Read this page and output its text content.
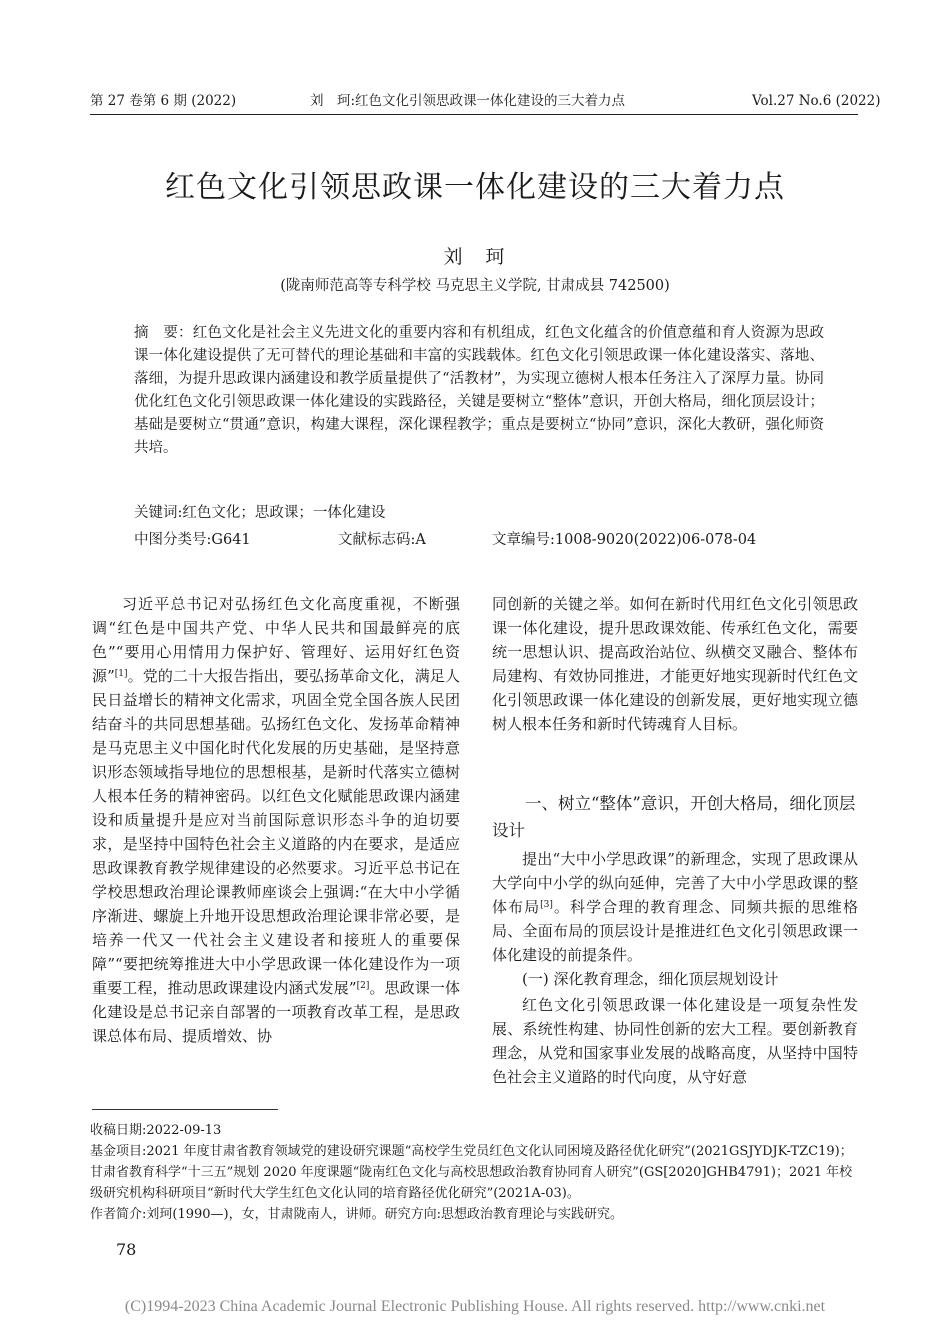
第 27 卷第 6 期 (2022)	刘　珂:红色文化引领思政课一体化建设的三大着力点	Vol.27 No.6 (2022)
红色文化引领思政课一体化建设的三大着力点
刘　珂
(陇南师范高等专科学校 马克思主义学院, 甘肃成县 742500)
摘　要：红色文化是社会主义先进文化的重要内容和有机组成，红色文化蕴含的价值意蕴和育人资源为思政课一体化建设提供了无可替代的理论基础和丰富的实践载体。红色文化引领思政课一体化建设落实、落地、落细，为提升思政课内涵建设和教学质量提供了“活教材”，为实现立德树人根本任务注入了深厚力量。协同优化红色文化引领思政课一体化建设的实践路径，关键是要树立“整体”意识，开创大格局，细化顶层设计；基础是要树立“贯通”意识，构建大课程，深化课程教学；重点是要树立“协同”意识，深化大教研，强化师资共培。
关键词:红色文化；思政课；一体化建设
中图分类号:G641	文献标志码:A	文章编号:1008-9020(2022)06-078-04

习近平总书记对弘扬红色文化高度重视，不断强调“红色是中国共产党、中华人民共和国最鲜亮的底色”“要用心用情用力保护好、管理好、运用好红色资源”[1]。党的二十大报告指出，要弘扬革命文化，满足人民日益增长的精神文化需求，巩固全党全国各族人民团结奋斗的共同思想基础。弘扬红色文化、发扬革命精神是马克思主义中国化时代化发展的历史基础，是坚持意识形态领域指导地位的思想根基，是新时代落实立德树人根本任务的精神密码。以红色文化赋能思政课内涵建设和质量提升是应对当前国际意识形态斗争的迫切要求，是坚持中国特色社会主义道路的内在要求，是适应思政课教育教学规律建设的必然要求。习近平总书记在学校思想政治理论课教师座谈会上强调:“在大中小学循序渐进、螺旋上升地开设思想政治理论课非常必要，是培养一代又一代社会主义建设者和接班人的重要保障”“要把统筹推进大中小学思政课一体化建设作为一项重要工程，推动思政课建设内涵式发展”[2]。思政课一体化建设是总书记亲自部署的一项教育改革工程，是思政课总体布局、提质增效、协

同创新的关键之举。如何在新时代用红色文化引领思政课一体化建设，提升思政课效能、传承红色文化，需要统一思想认识、提高政治站位、纵横交叉融合、整体布局建构、有效协同推进，才能更好地实现新时代红色文化引领思政课一体化建设的创新发展，更好地实现立德树人根本任务和新时代铸魂育人目标。

一、树立“整体”意识，开创大格局，细化顶层设计

提出“大中小学思政课”的新理念，实现了思政课从大学向中小学的纵向延伸，完善了大中小学思政课的整体布局[3]。科学合理的教育理念、同频共振的思维格局、全面布局的顶层设计是推进红色文化引领思政课一体化建设的前提条件。

(一) 深化教育理念，细化顶层规划设计

红色文化引领思政课一体化建设是一项复杂性发展、系统性构建、协同性创新的宏大工程。要创新教育理念，从党和国家事业发展的战略高度，从坚持中国特色社会主义道路的时代向度，从守好意

收稿日期:2022-09-13
基金项目:2021 年度甘肃省教育领域党的建设研究课题“高校学生党员红色文化认同困境及路径优化研究”(2021GSJYDJK-TZC19)；甘肃省教育科学“十三五”规划 2020 年度课题“陇南红色文化与高校思想政治教育协同育人研究”(GS[2020]GHB4791)；2021 年校级研究机构科研项目“新时代大学生红色文化认同的培育路径优化研究”(2021A-03)。
作者简介:刘珂(1990—)，女，甘肃陇南人，讲师。研究方向:思想政治教育理论与实践研究。
78
(C)1994-2023 China Academic Journal Electronic Publishing House. All rights reserved. http://www.cnki.net
